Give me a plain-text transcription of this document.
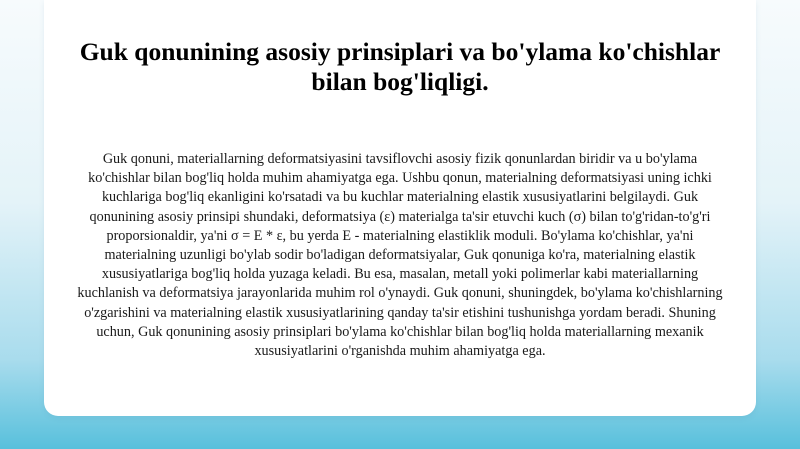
Guk qonunining asosiy prinsiplari va bo'ylama ko'chishlar
bilan bog'liqligi.

Guk qonuni, materiallarning deformatsiyasini tavsiflovchi asosiy fizik qonunlardan biridir va u bo'ylama ko'chishlar bilan bog'liq holda muhim ahamiyatga ega. Ushbu qonun, materialning deformatsiyasi uning ichki kuchlariga bog'liq ekanligini ko'rsatadi va bu kuchlar materialning elastik xususiyatlarini belgilaydi. Guk qonunining asosiy prinsipi shundaki, deformatsiya (ε) materialga ta'sir etuvchi kuch (σ) bilan to'g'ridan-to'g'ri proporsionaldir, ya'ni σ = E * ε, bu yerda E - materialning elastiklik moduli. Bo'ylama ko'chishlar, ya'ni materialning uzunligi bo'ylab sodir bo'ladigan deformatsiyalar, Guk qonuniga ko'ra, materialning elastik xususiyatlariga bog'liq holda yuzaga keladi. Bu esa, masalan, metall yoki polimerlar kabi materiallarning kuchlanish va deformatsiya jarayonlarida muhim rol o'ynaydi. Guk qonuni, shuningdek, bo'ylama ko'chishlarning o'zgarishini va materialning elastik xususiyatlarining qanday ta'sir etishini tushunishga yordam beradi. Shuning uchun, Guk qonunining asosiy prinsiplari bo'ylama ko'chishlar bilan bog'liq holda materiallarning mexanik xususiyatlarini o'rganishda muhim ahamiyatga ega.
